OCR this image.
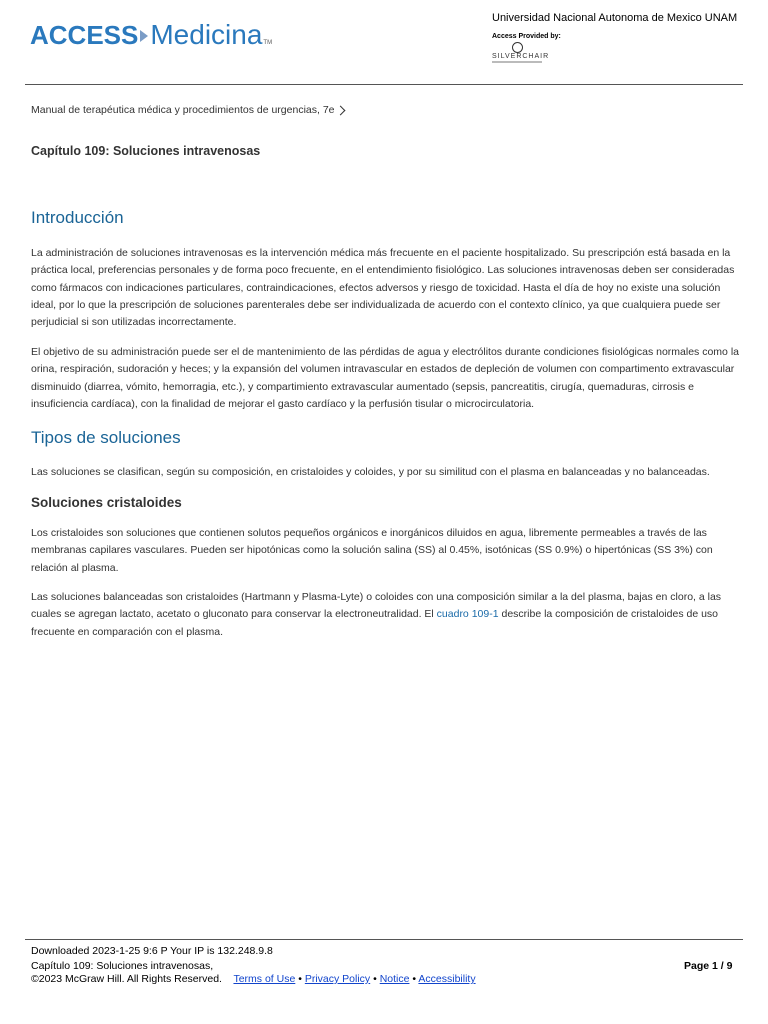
ACCESS Medicina TM
Universidad Nacional Autonoma de Mexico UNAM
Access Provided by:
SILVERCHAIR
Manual de terapéutica médica y procedimientos de urgencias, 7e
Capítulo 109: Soluciones intravenosas
Introducción

La administración de soluciones intravenosas es la intervención médica más frecuente en el paciente hospitalizado. Su prescripción está basada en la práctica local, preferencias personales y de forma poco frecuente, en el entendimiento fisiológico. Las soluciones intravenosas deben ser consideradas como fármacos con indicaciones particulares, contraindicaciones, efectos adversos y riesgo de toxicidad. Hasta el día de hoy no existe una solución ideal, por lo que la prescripción de soluciones parenterales debe ser individualizada de acuerdo con el contexto clínico, ya que cualquiera puede ser perjudicial si son utilizadas incorrectamente.

El objetivo de su administración puede ser el de mantenimiento de las pérdidas de agua y electrólitos durante condiciones fisiológicas normales como la orina, respiración, sudoración y heces; y la expansión del volumen intravascular en estados de depleción de volumen con compartimento extravascular disminuido (diarrea, vómito, hemorragia, etc.), y compartimiento extravascular aumentado (sepsis, pancreatitis, cirugía, quemaduras, cirrosis e insuficiencia cardíaca), con la finalidad de mejorar el gasto cardíaco y la perfusión tisular o microcirculatoria.

Tipos de soluciones

Las soluciones se clasifican, según su composición, en cristaloides y coloides, y por su similitud con el plasma en balanceadas y no balanceadas.

Soluciones cristaloides

Los cristaloides son soluciones que contienen solutos pequeños orgánicos e inorgánicos diluidos en agua, libremente permeables a través de las membranas capilares vasculares. Pueden ser hipotónicas como la solución salina (SS) al 0.45%, isotónicas (SS 0.9%) o hipertónicas (SS 3%) con relación al plasma.

Las soluciones balanceadas son cristaloides (Hartmann y Plasma-Lyte) o coloides con una composición similar a la del plasma, bajas en cloro, a las cuales se agregan lactato, acetato o gluconato para conservar la electroneutralidad. El cuadro 109-1 describe la composición de cristaloides de uso frecuente en comparación con el plasma.

Downloaded 2023-1-25 9:6 P Your IP is 132.248.9.8
Capítulo 109: Soluciones intravenosas,
©2023 McGraw Hill. All Rights Reserved. Terms of Use • Privacy Policy • Notice • Accessibility
Page 1 / 9
